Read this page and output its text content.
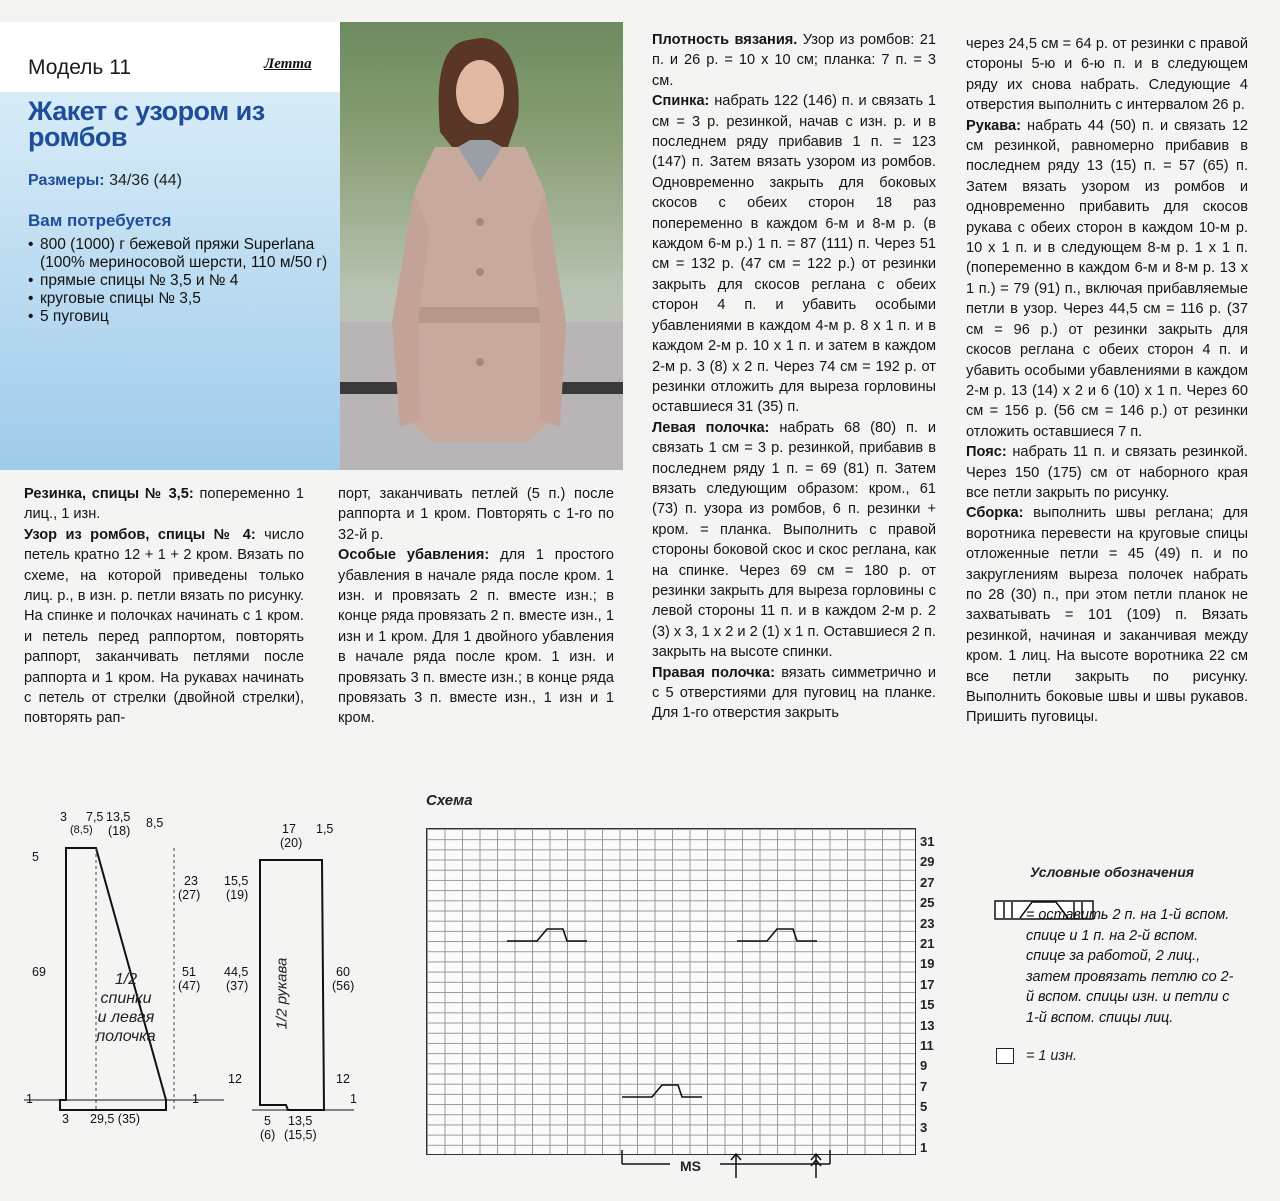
Модель 11	Летта
Жакет с узором из ромбов
Размеры: 34/36 (44)
Вам потребуется
• 800 (1000) г бежевой пряжи Superlana (100% мериносовой шерсти, 110 м/50 г)
• прямые спицы № 3,5 и № 4
• круговые спицы № 3,5
• 5 пуговиц

Резинка, спицы № 3,5: попеременно 1 лиц., 1 изн.

Узор из ромбов, спицы № 4: число петель кратно 12 + 1 + 2 кром. Вязать по схеме, на которой приведены только лиц. р., в изн. р. петли вязать по рисунку. На спинке и полочках начинать с 1 кром. и петель перед раппортом, повторять раппорт, заканчивать петлями после раппорта и 1 кром. На рукавах начинать с петель от стрелки (двойной стрелки), повторять рап-

порт, заканчивать петлей (5 п.) после раппорта и 1 кром. Повторять с 1-го по 32-й р.

Особые убавления: для 1 простого убавления в начале ряда после кром. 1 изн. и провязать 2 п. вместе изн.; в конце ряда провязать 2 п. вместе изн., 1 изн и 1 кром. Для 1 двойного убавления в начале ряда после кром. 1 изн. и провязать 3 п. вместе изн.; в конце ряда провязать 3 п. вместе изн., 1 изн и 1 кром.

Плотность вязания. Узор из ромбов: 21 п. и 26 р. = 10 х 10 см; планка: 7 п. = 3 см.

Спинка: набрать 122 (146) п. и связать 1 см = 3 р. резинкой, начав с изн. р. и в последнем ряду прибавив 1 п. = 123 (147) п. Затем вязать узором из ромбов. Одновременно закрыть для боковых скосов с обеих сторон 18 раз попеременно в каждом 6-м и 8-м р. (в каждом 6-м р.) 1 п. = 87 (111) п. Через 51 см = 132 р. (47 см = 122 р.) от резинки закрыть для скосов реглана с обеих сторон 4 п. и убавить особыми убавлениями в каждом 4-м р. 8 х 1 п. и в каждом 2-м р. 10 х 1 п. и затем в каждом 2-м р. 3 (8) х 2 п. Через 74 см = 192 р. от резинки отложить для выреза горловины оставшиеся 31 (35) п.

Левая полочка: набрать 68 (80) п. и связать 1 см = 3 р. резинкой, прибавив в последнем ряду 1 п. = 69 (81) п. Затем вязать следующим образом: кром., 61 (73) п. узора из ромбов, 6 п. резинки + кром. = планка. Выполнить с правой стороны боковой скос и скос реглана, как на спинке. Через 69 см = 180 р. от резинки закрыть для выреза горловины с левой стороны 11 п. и в каждом 2-м р. 2 (3) х 3, 1 х 2 и 2 (1) х 1 п. Оставшиеся 2 п. закрыть на высоте спинки.

Правая полочка: вязать симметрично и с 5 отверстиями для пуговиц на планке. Для 1-го отверстия закрыть

через 24,5 см = 64 р. от резинки с правой стороны 5-ю и 6-ю п. и в следующем ряду их снова набрать. Следующие 4 отверстия выполнить с интервалом 26 р.

Рукава: набрать 44 (50) п. и связать 12 см резинкой, равномерно прибавив в последнем ряду 13 (15) п. = 57 (65) п. Затем вязать узором из ромбов и одновременно прибавить для скосов рукава с обеих сторон в каждом 10-м р. 10 х 1 п. и в следующем 8-м р. 1 х 1 п. (попеременно в каждом 6-м и 8-м р. 13 х 1 п.) = 79 (91) п., включая прибавляемые петли в узор. Через 44,5 см = 116 р. (37 см = 96 р.) от резинки закрыть для скосов реглана с обеих сторон 4 п. и убавить особыми убавлениями в каждом 2-м р. 13 (14) х 2 и 6 (10) х 1 п. Через 60 см = 156 р. (56 см = 146 р.) от резинки отложить оставшиеся 7 п.

Пояс: набрать 11 п. и связать резинкой. Через 150 (175) см от наборного края все петли закрыть по рисунку.

Сборка: выполнить швы реглана; для воротника перевести на круговые спицы отложенные петли = 45 (49) п. и по закруглениям выреза полочек набрать по 28 (30) п., при этом петли планок не захватывать = 101 (109) п. Вязать резинкой, начиная и заканчивая между кром. 1 лиц. На высоте воротника 22 см все петли закрыть по рисунку. Выполнить боковые швы и швы рукавов. Пришить пуговицы.

3 7,5
(8,5)
13,5
(18)
8,5
5
69
23
(27)
15,5
(19)
51
(47)
44,5
(37)
12
1	1
3 29,5 (35)
17
(20)
1,5
60
(56)
12
1
5
(6)
13,5
(15,5)
1/2
спинки
и левая
полочка
1/2 рукава
Схема
31
29
27
25
23
21
19
17
15
13
11
9
7
5
3
1
MS
Условные обозначения
= оставить 2 п. на 1-й вспом. спице и 1 п. на 2-й вспом. спице за работой, 2 лиц., затем провязать петлю со 2-й вспом. спицы изн. и петли с 1-й вспом. спицы лиц.
= 1 изн.
